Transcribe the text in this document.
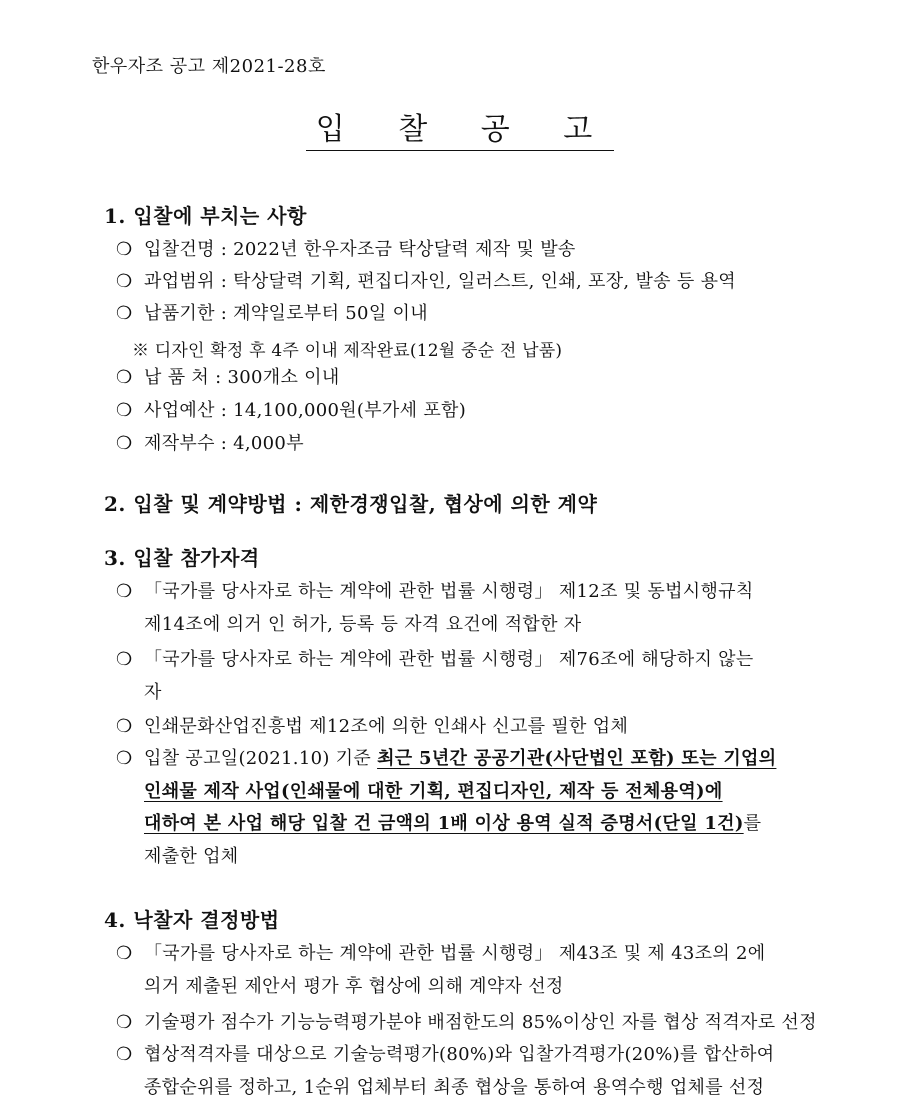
한우자조 공고 제2021-28호
입 찰 공 고
1. 입찰에 부치는 사항
❍ 입찰건명 : 2022년 한우자조금 탁상달력 제작 및 발송
❍ 과업범위 : 탁상달력 기획, 편집디자인, 일러스트, 인쇄, 포장, 발송 등 용역
❍ 납품기한 : 계약일로부터 50일 이내
※ 디자인 확정 후 4주 이내 제작완료(12월 중순 전 납품)
❍ 납 품 처 : 300개소 이내
❍ 사업예산 : 14,100,000원(부가세 포함)
❍ 제작부수 : 4,000부
2. 입찰 및 계약방법 : 제한경쟁입찰, 협상에 의한 계약
3. 입찰 참가자격
❍ 「국가를 당사자로 하는 계약에 관한 법률 시행령」 제12조 및 동법시행규칙
제14조에 의거 인 허가, 등록 등 자격 요건에 적합한 자
❍ 「국가를 당사자로 하는 계약에 관한 법률 시행령」 제76조에 해당하지 않는
자
❍ 인쇄문화산업진흥법 제12조에 의한 인쇄사 신고를 필한 업체
❍ 입찰 공고일(2021.10) 기준 최근 5년간 공공기관(사단법인 포함) 또는 기업의
인쇄물 제작 사업(인쇄물에 대한 기획, 편집디자인, 제작 등 전체용역)에
대하여 본 사업 해당 입찰 건 금액의 1배 이상 용역 실적 증명서(단일 1건)를
제출한 업체
4. 낙찰자 결정방법
❍ 「국가를 당사자로 하는 계약에 관한 법률 시행령」 제43조 및 제 43조의 2에
의거 제출된 제안서 평가 후 협상에 의해 계약자 선정
❍ 기술평가 점수가 기능능력평가분야 배점한도의 85%이상인 자를 협상 적격자로 선정
❍ 협상적격자를 대상으로 기술능력평가(80%)와 입찰가격평가(20%)를 합산하여
종합순위를 정하고, 1순위 업체부터 최종 협상을 통하여 용역수행 업체를 선정
